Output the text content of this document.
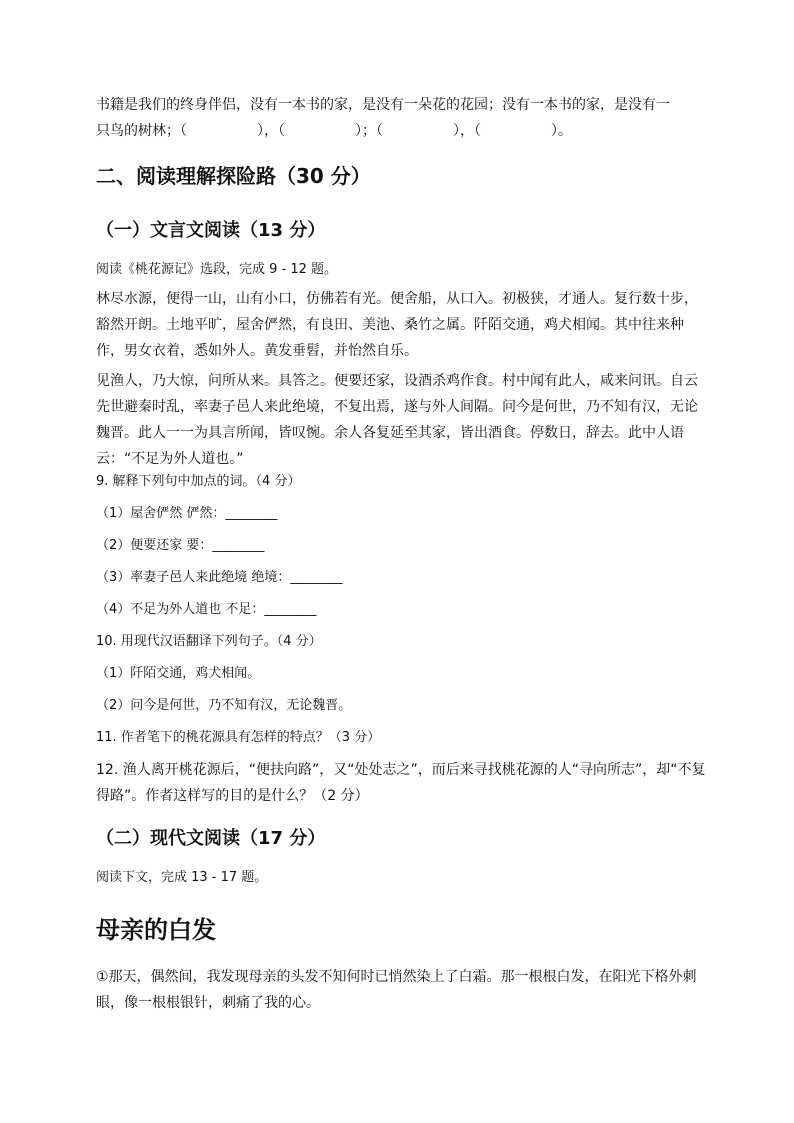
书籍是我们的终身伴侣，没有一本书的家，是没有一朵花的花园；没有一本书的家，是没有一

只鸟的树林；（　　　　　），（　　　　　）；（　　　　　），（　　　　　）。

二、阅读理解探险路（30 分）
（一）文言文阅读（13 分）

阅读《桃花源记》选段，完成 9 - 12 题。

林尽水源，便得一山，山有小口，仿佛若有光。便舍船，从口入。初极狭，才通人。复行数十步，豁然开朗。土地平旷，屋舍俨然，有良田、美池、桑竹之属。阡陌交通，鸡犬相闻。其中往来种作，男女衣着，悉如外人。黄发垂髫，并怡然自乐。

见渔人，乃大惊，问所从来。具答之。便要还家，设酒杀鸡作食。村中闻有此人，咸来问讯。自云先世避秦时乱，率妻子邑人来此绝境，不复出焉，遂与外人间隔。问今是何世，乃不知有汉，无论魏晋。此人一一为具言所闻，皆叹惋。余人各复延至其家，皆出酒食。停数日，辞去。此中人语云：“不足为外人道也。”

9. 解释下列句中加点的词。（4 分）

（1）屋舍俨然 俨然：________

（2）便要还家 要：________

（3）率妻子邑人来此绝境 绝境：________

（4）不足为外人道也 不足：________

10. 用现代汉语翻译下列句子。（4 分）

（1）阡陌交通，鸡犬相闻。

（2）问今是何世，乃不知有汉，无论魏晋。

11. 作者笔下的桃花源具有怎样的特点？（3 分）

12. 渔人离开桃花源后，“便扶向路”，又“处处志之”，而后来寻找桃花源的人“寻向所志”，却“不复得路”。作者这样写的目的是什么？（2 分）

（二）现代文阅读（17 分）

阅读下文，完成 13 - 17 题。

母亲的白发

①那天，偶然间，我发现母亲的头发不知何时已悄然染上了白霜。那一根根白发，在阳光下格外刺眼，像一根根银针，刺痛了我的心。
